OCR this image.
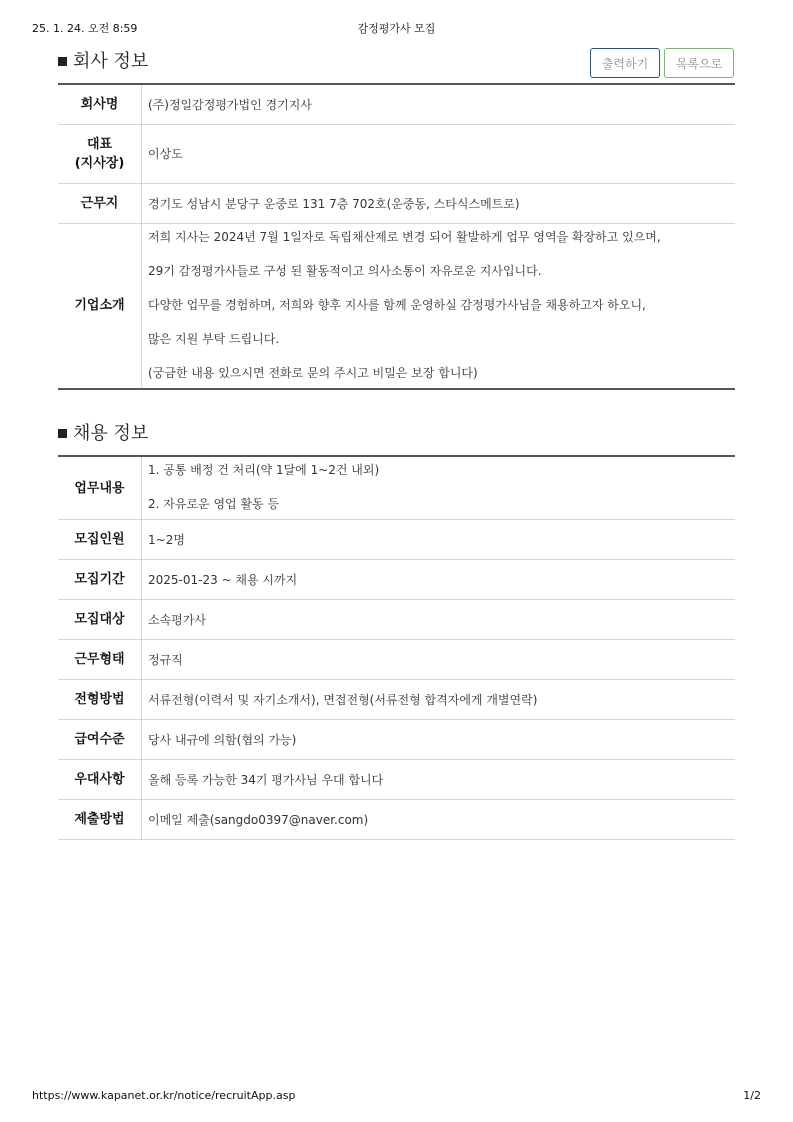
25. 1. 24. 오전 8:59	감정평가사 모집
회사 정보	출력하기	목록으로
회사명	(주)정일감정평가법인 경기지사

대표
(지사장)	이상도
근무지	경기도 성남시 분당구 운중로 131 7층 702호(운중동, 스타식스메트로)
기업소개	저희 지사는 2024년 7월 1일자로 독립채산제로 변경 되어 활발하게 업무 영역을 확장하고 있으며,

29기 감정평가사들로 구성 된 활동적이고 의사소통이 자유로운 지사입니다.

다양한 업무를 경험하며, 저희와 향후 지사를 함께 운영하실 감정평가사님을 채용하고자 하오니,

많은 지원 부탁 드립니다.

(궁금한 내용 있으시면 전화로 문의 주시고 비밀은 보장 합니다)

채용 정보
업무내용	1. 공통 배정 건 처리(약 1달에 1~2건 내외)

2. 자유로운 영업 활동 등

모집인원	1~2명
모집기간	2025-01-23 ~ 채용 시까지
모집대상	소속평가사
근무형태	정규직
전형방법	서류전형(이력서 및 자기소개서), 면접전형(서류전형 합격자에게 개별연락)
급여수준	당사 내규에 의함(협의 가능)
우대사항	올해 등록 가능한 34기 평가사님 우대 합니다
제출방법	이메일 제출(sangdo0397@naver.com)
https://www.kapanet.or.kr/notice/recruitApp.asp	1/2
